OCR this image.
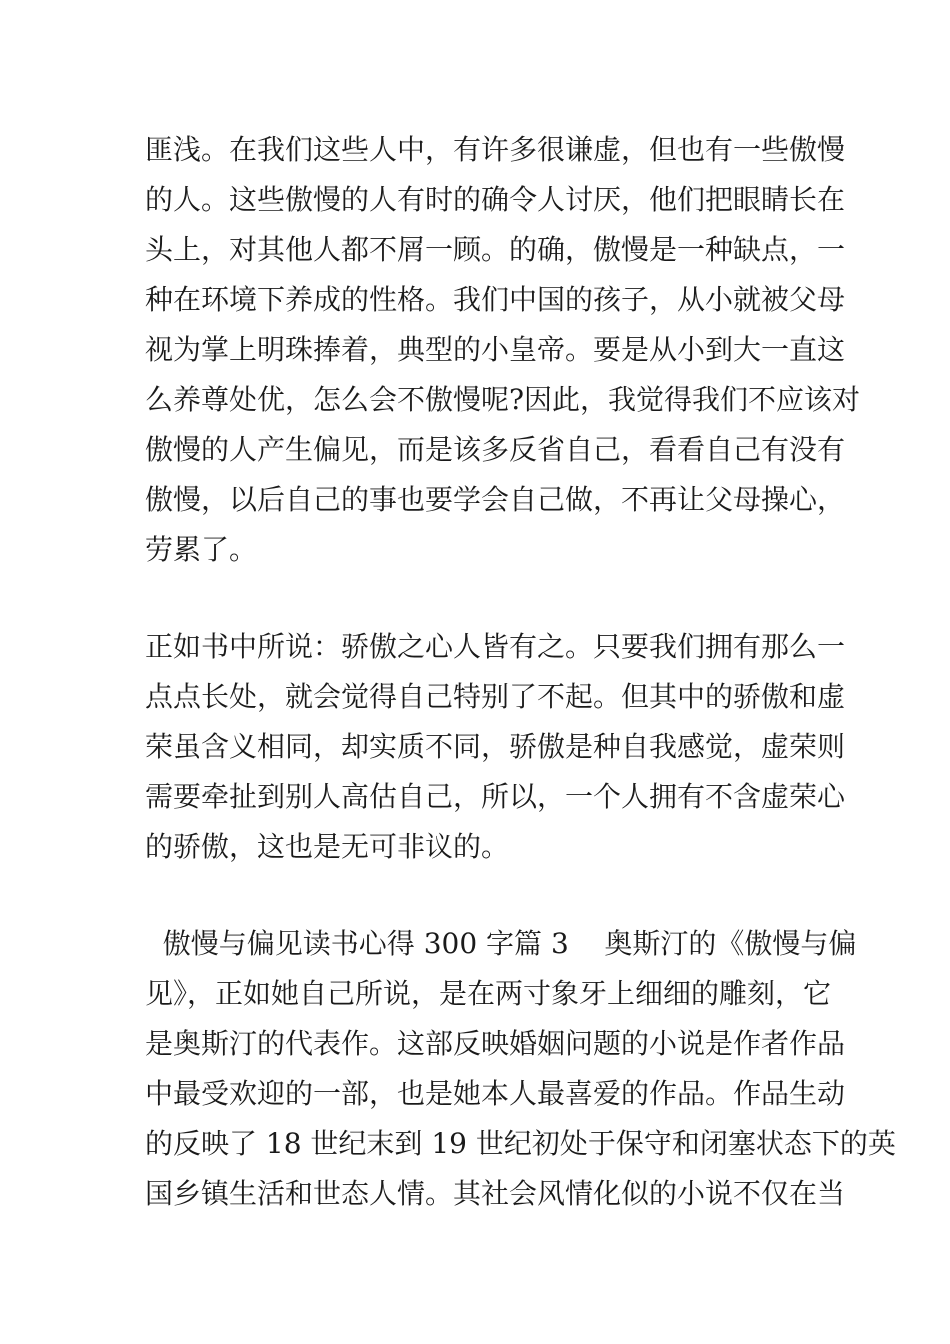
匪浅。在我们这些人中，有许多很谦虚，但也有一些傲慢
的人。这些傲慢的人有时的确令人讨厌，他们把眼睛长在
头上，对其他人都不屑一顾。的确，傲慢是一种缺点，一
种在环境下养成的性格。我们中国的孩子，从小就被父母
视为掌上明珠捧着，典型的小皇帝。要是从小到大一直这
么养尊处优，怎么会不傲慢呢?因此，我觉得我们不应该对
傲慢的人产生偏见，而是该多反省自己，看看自己有没有
傲慢，以后自己的事也要学会自己做，不再让父母操心，
劳累了。
正如书中所说：骄傲之心人皆有之。只要我们拥有那么一
点点长处，就会觉得自己特别了不起。但其中的骄傲和虚
荣虽含义相同，却实质不同，骄傲是种自我感觉，虚荣则
需要牵扯到别人高估自己，所以，一个人拥有不含虚荣心
的骄傲，这也是无可非议的。
傲慢与偏见读书心得 300 字篇 3    奥斯汀的《傲慢与偏
见》，正如她自己所说，是在两寸象牙上细细的雕刻，它
是奥斯汀的代表作。这部反映婚姻问题的小说是作者作品
中最受欢迎的一部，也是她本人最喜爱的作品。作品生动
的反映了 18 世纪末到 19 世纪初处于保守和闭塞状态下的英
国乡镇生活和世态人情。其社会风情化似的小说不仅在当
